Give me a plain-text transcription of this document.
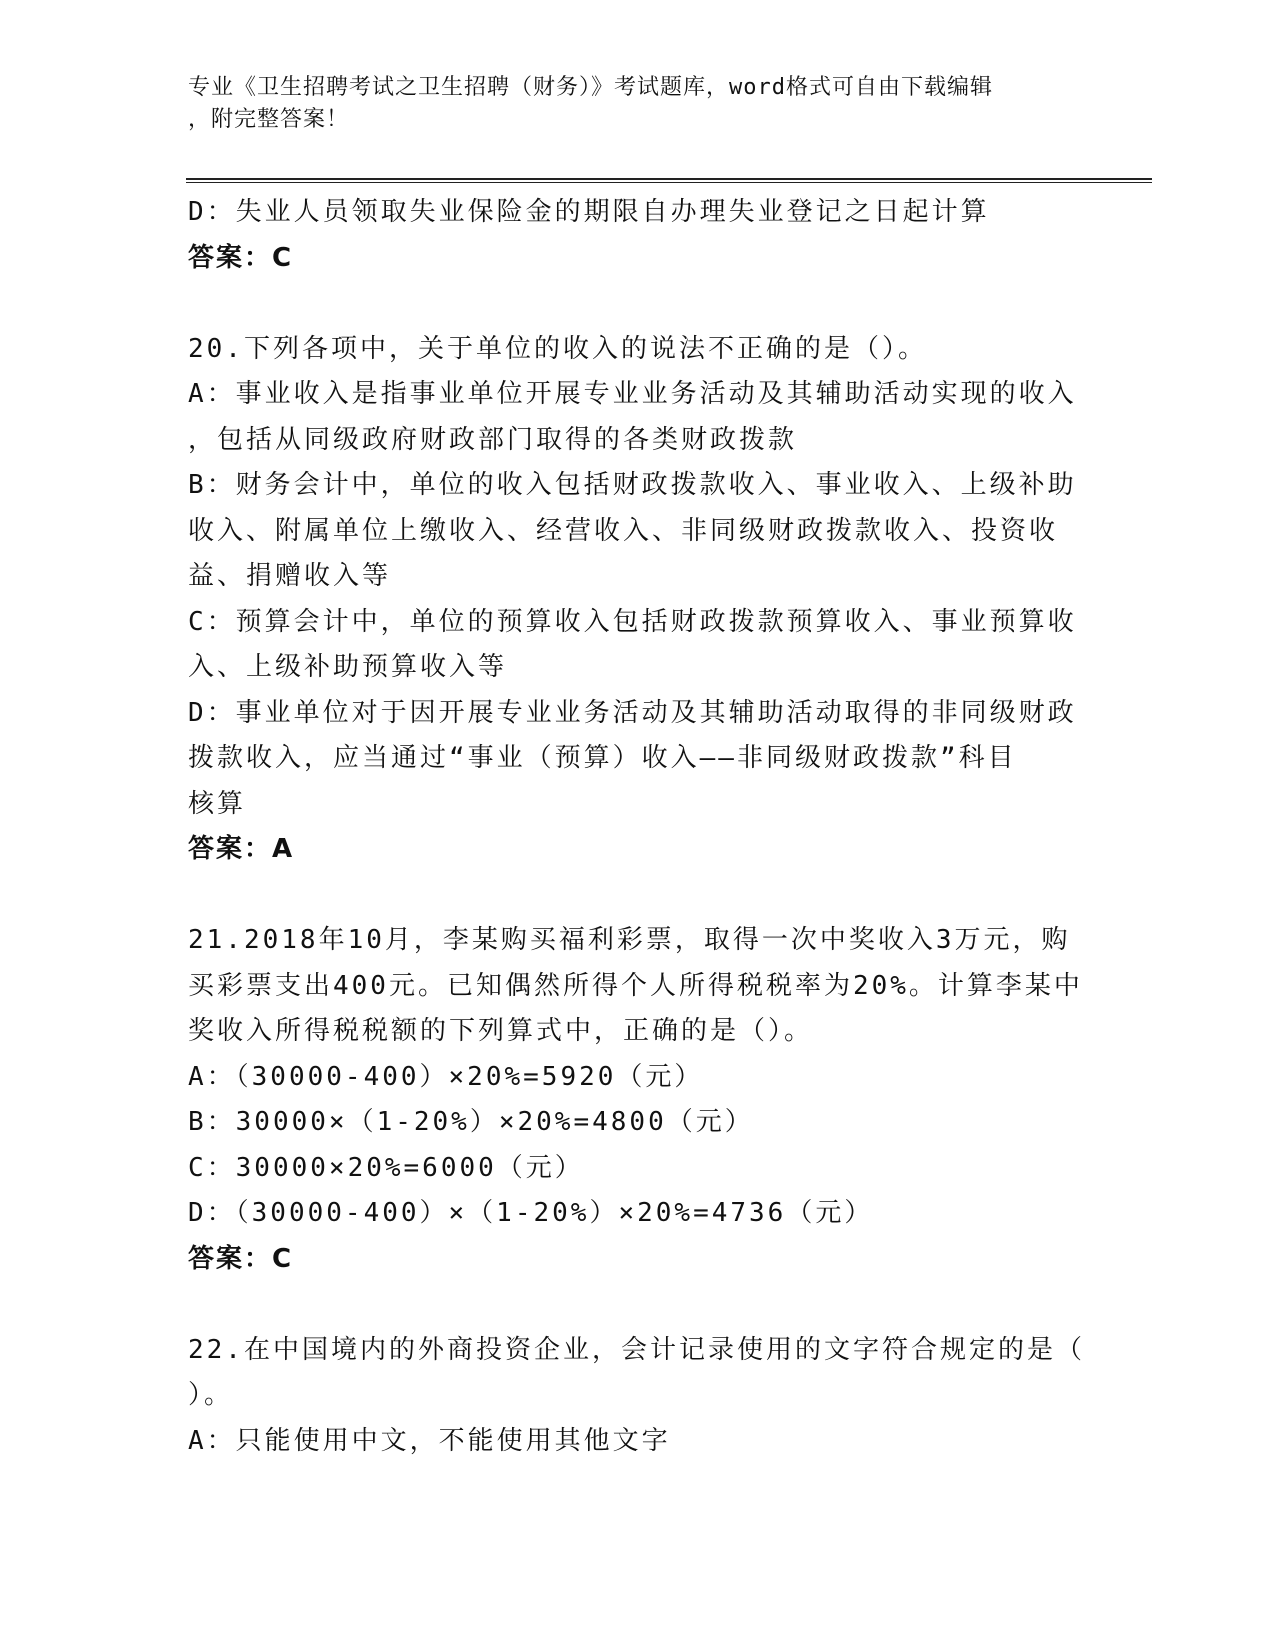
专业《卫生招聘考试之卫生招聘（财务）》考试题库，word格式可自由下载编辑
，附完整答案！
D：失业人员领取失业保险金的期限自办理失业登记之日起计算
答案：C
20.下列各项中，关于单位的收入的说法不正确的是（）。
A：事业收入是指事业单位开展专业业务活动及其辅助活动实现的收入
，包括从同级政府财政部门取得的各类财政拨款
B：财务会计中，单位的收入包括财政拨款收入、事业收入、上级补助
收入、附属单位上缴收入、经营收入、非同级财政拨款收入、投资收
益、捐赠收入等
C：预算会计中，单位的预算收入包括财政拨款预算收入、事业预算收
入、上级补助预算收入等
D：事业单位对于因开展专业业务活动及其辅助活动取得的非同级财政
拨款收入，应当通过“事业（预算）收入——非同级财政拨款”科目
核算
答案：A
21.2018年10月，李某购买福利彩票，取得一次中奖收入3万元，购
买彩票支出400元。已知偶然所得个人所得税税率为20%。计算李某中
奖收入所得税税额的下列算式中，正确的是（）。
A：（30000-400）×20%=5920（元）
B：30000×（1-20%）×20%=4800（元）
C：30000×20%=6000（元）
D：（30000-400）×（1-20%）×20%=4736（元）
答案：C
22.在中国境内的外商投资企业，会计记录使用的文字符合规定的是（
）。
A：只能使用中文，不能使用其他文字
